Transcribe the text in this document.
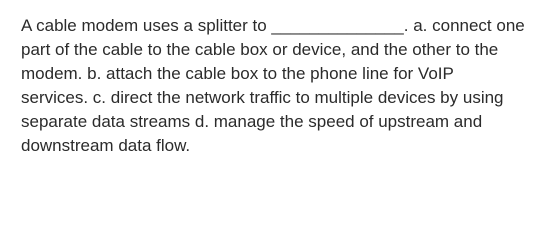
A cable modem uses a splitter to ______________. a. connect one
part of the cable to the cable box or device, and the other to the
modem. b. attach the cable box to the phone line for VoIP
services. c. direct the network traffic to multiple devices by using
separate data streams d. manage the speed of upstream and
downstream data flow.
